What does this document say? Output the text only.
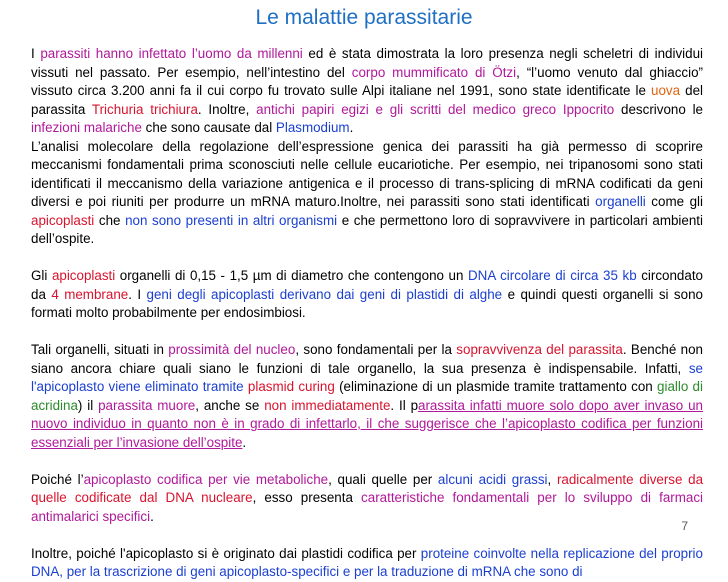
Le malattie parassitarie

I parassiti hanno infettato l’uomo da millenni ed è stata dimostrata la loro presenza negli scheletri di individui vissuti nel passato. Per esempio, nell’intestino del corpo mummificato di Ötzi, “l’uomo venuto dal ghiaccio” vissuto circa 3.200 anni fa il cui corpo fu trovato sulle Alpi italiane nel 1991, sono state identificate le uova del parassita Trichuria trichiura. Inoltre, antichi papiri egizi e gli scritti del medico greco Ippocrito descrivono le infezioni malariche che sono causate dal Plasmodium.

L’analisi molecolare della regolazione dell’espressione genica dei parassiti ha già permesso di scoprire meccanismi fondamentali prima sconosciuti nelle cellule eucariotiche. Per esempio, nei tripanosomi sono stati identificati il meccanismo della variazione antigenica e il processo di trans-splicing di mRNA codificati da geni diversi e poi riuniti per produrre un mRNA maturo.Inoltre, nei parassiti sono stati identificati organelli come gli apicoplasti che non sono presenti in altri organismi e che permettono loro di sopravvivere in particolari ambienti dell’ospite.

Gli apicoplasti organelli di 0,15 - 1,5 µm di diametro che contengono un DNA circolare di circa 35 kb circondato da 4 membrane. I geni degli apicoplasti derivano dai geni di plastidi di alghe e quindi questi organelli si sono formati molto probabilmente per endosimbiosi.

Tali organelli, situati in prossimità del nucleo, sono fondamentali per la sopravvivenza del parassita. Benché non siano ancora chiare quali siano le funzioni di tale organello, la sua presenza è indispensabile. Infatti, se l'apicoplasto viene eliminato tramite plasmid curing (eliminazione di un plasmide tramite trattamento con giallo di acridina) il parassita muore, anche se non immediatamente. Il parassita infatti muore solo dopo aver invaso un nuovo individuo in quanto non è in grado di infettarlo, il che suggerisce che l’apicoplasto codifica per funzioni essenziali per l’invasione dell’ospite.

Poiché l’apicoplasto codifica per vie metaboliche, quali quelle per alcuni acidi grassi, radicalmente diverse da quelle codificate dal DNA nucleare, esso presenta caratteristiche fondamentali per lo sviluppo di farmaci antimalarici specifici.

Inoltre, poiché l'apicoplasto si è originato dai plastidi codifica per proteine coinvolte nella replicazione del proprio DNA, per la trascrizione di geni apicoplasto-specifici e per la traduzione di mRNA che sono di

7
